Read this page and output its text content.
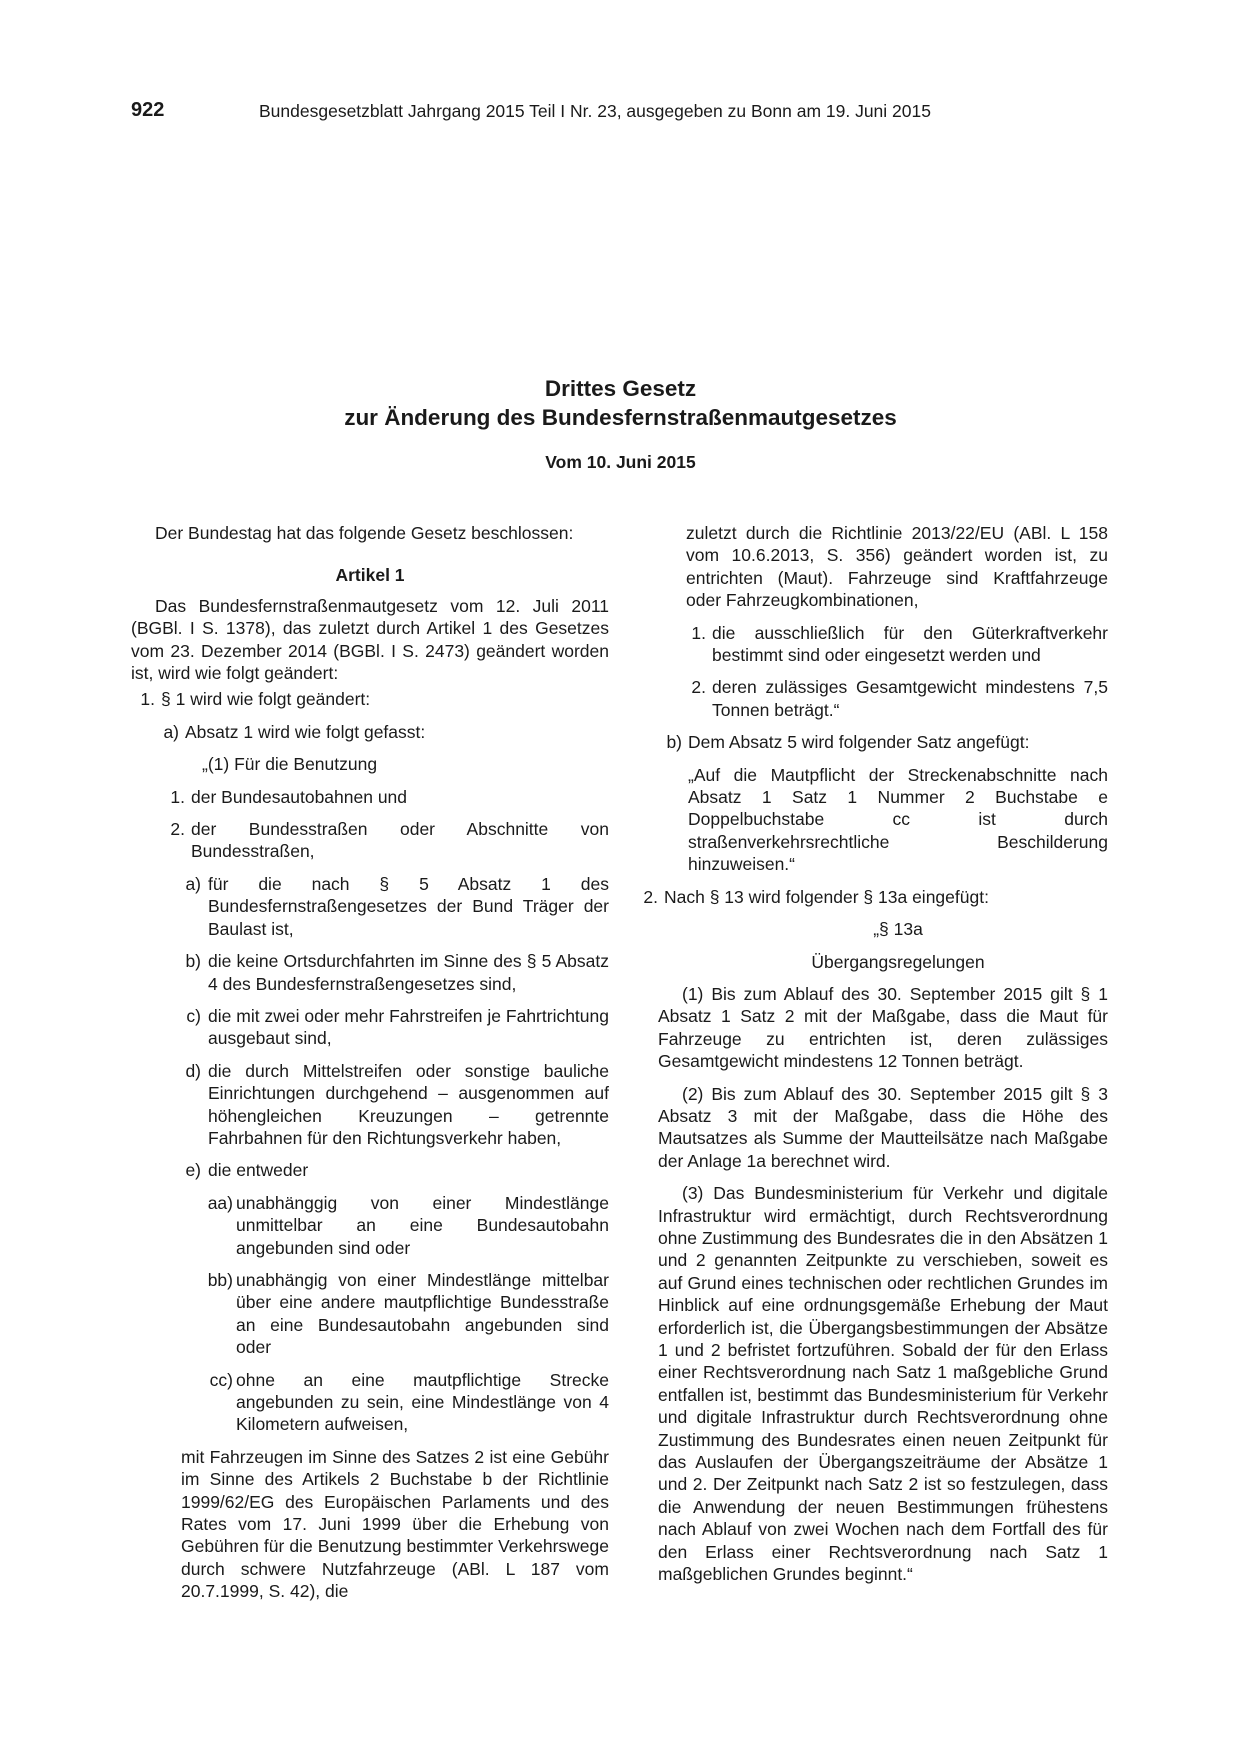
922	Bundesgesetzblatt Jahrgang 2015 Teil I Nr. 23, ausgegeben zu Bonn am 19. Juni 2015
Drittes Gesetz
zur Änderung des Bundesfernstraßenmautgesetzes
Vom 10. Juni 2015

Der Bundestag hat das folgende Gesetz beschlossen:

Artikel 1

Das Bundesfernstraßenmautgesetz vom 12. Juli 2011 (BGBl. I S. 1378), das zuletzt durch Artikel 1 des Gesetzes vom 23. Dezember 2014 (BGBl. I S. 2473) geändert worden ist, wird wie folgt geändert:

1. § 1 wird wie folgt geändert:
a) Absatz 1 wird wie folgt gefasst:

„(1) Für die Benutzung

1. der Bundesautobahnen und
2. der Bundesstraßen oder Abschnitte von Bundesstraßen,
a) für die nach § 5 Absatz 1 des Bundesfernstraßengesetzes der Bund Träger der Baulast ist,
b) die keine Ortsdurchfahrten im Sinne des § 5 Absatz 4 des Bundesfernstraßengesetzes sind,
c) die mit zwei oder mehr Fahrstreifen je Fahrtrichtung ausgebaut sind,
d) die durch Mittelstreifen oder sonstige bauliche Einrichtungen durchgehend – ausgenommen auf höhengleichen Kreuzungen – getrennte Fahrbahnen für den Richtungsverkehr haben,
e) die entweder
aa) unabhänggig von einer Mindestlänge unmittelbar an eine Bundesautobahn angebunden sind oder
bb) unabhängig von einer Mindestlänge mittelbar über eine andere mautpflichtige Bundesstraße an eine Bundesautobahn angebunden sind oder
cc) ohne an eine mautpflichtige Strecke angebunden zu sein, eine Mindestlänge von 4 Kilometern aufweisen,

mit Fahrzeugen im Sinne des Satzes 2 ist eine Gebühr im Sinne des Artikels 2 Buchstabe b der Richtlinie 1999/62/EG des Europäischen Parlaments und des Rates vom 17. Juni 1999 über die Erhebung von Gebühren für die Benutzung bestimmter Verkehrswege durch schwere Nutzfahrzeuge (ABl. L 187 vom 20.7.1999, S. 42), die

zuletzt durch die Richtlinie 2013/22/EU (ABl. L 158 vom 10.6.2013, S. 356) geändert worden ist, zu entrichten (Maut). Fahrzeuge sind Kraftfahrzeuge oder Fahrzeugkombinationen,

1. die ausschließlich für den Güterkraftverkehr bestimmt sind oder eingesetzt werden und
2. deren zulässiges Gesamtgewicht mindestens 7,5 Tonnen beträgt.“
b) Dem Absatz 5 wird folgender Satz angefügt:

„Auf die Mautpflicht der Streckenabschnitte nach Absatz 1 Satz 1 Nummer 2 Buchstabe e Doppelbuchstabe cc ist durch straßenverkehrsrechtliche Beschilderung hinzuweisen.“

2. Nach § 13 wird folgender § 13a eingefügt:

„§ 13a

Übergangsregelungen

(1) Bis zum Ablauf des 30. September 2015 gilt § 1 Absatz 1 Satz 2 mit der Maßgabe, dass die Maut für Fahrzeuge zu entrichten ist, deren zulässiges Gesamtgewicht mindestens 12 Tonnen beträgt.

(2) Bis zum Ablauf des 30. September 2015 gilt § 3 Absatz 3 mit der Maßgabe, dass die Höhe des Mautsatzes als Summe der Mautteilsätze nach Maßgabe der Anlage 1a berechnet wird.

(3) Das Bundesministerium für Verkehr und digitale Infrastruktur wird ermächtigt, durch Rechtsverordnung ohne Zustimmung des Bundesrates die in den Absätzen 1 und 2 genannten Zeitpunkte zu verschieben, soweit es auf Grund eines technischen oder rechtlichen Grundes im Hinblick auf eine ordnungsgemäße Erhebung der Maut erforderlich ist, die Übergangsbestimmungen der Absätze 1 und 2 befristet fortzuführen. Sobald der für den Erlass einer Rechtsverordnung nach Satz 1 maßgebliche Grund entfallen ist, bestimmt das Bundesministerium für Verkehr und digitale Infrastruktur durch Rechtsverordnung ohne Zustimmung des Bundesrates einen neuen Zeitpunkt für das Auslaufen der Übergangszeiträume der Absätze 1 und 2. Der Zeitpunkt nach Satz 2 ist so festzulegen, dass die Anwendung der neuen Bestimmungen frühestens nach Ablauf von zwei Wochen nach dem Fortfall des für den Erlass einer Rechtsverordnung nach Satz 1 maßgeblichen Grundes beginnt.“
